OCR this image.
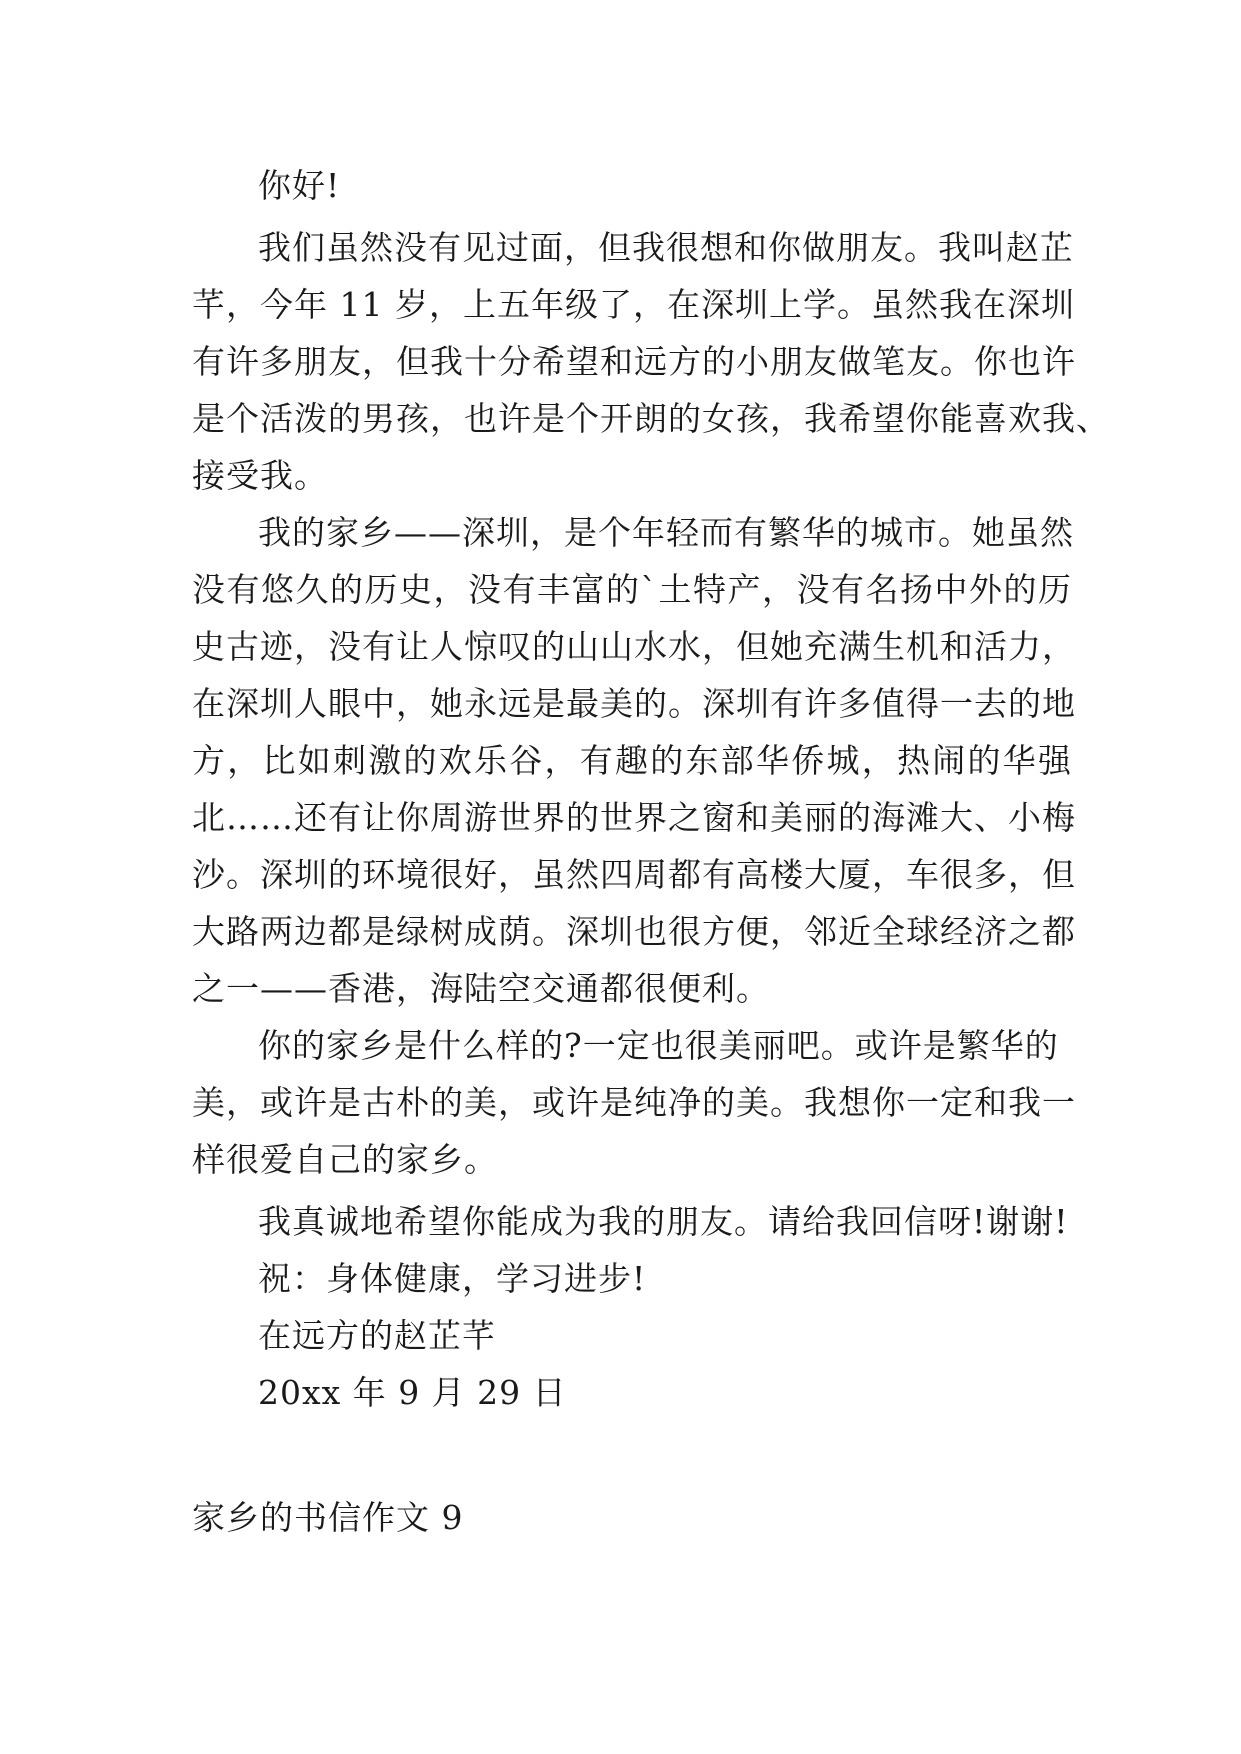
你好!
我们虽然没有见过面，但我很想和你做朋友。我叫赵芷
芊，今年 11 岁，上五年级了，在深圳上学。虽然我在深圳
有许多朋友，但我十分希望和远方的小朋友做笔友。你也许
是个活泼的男孩，也许是个开朗的女孩，我希望你能喜欢我、
接受我。
我的家乡——深圳，是个年轻而有繁华的城市。她虽然
没有悠久的历史，没有丰富的`土特产，没有名扬中外的历
史古迹，没有让人惊叹的山山水水，但她充满生机和活力，
在深圳人眼中，她永远是最美的。深圳有许多值得一去的地
方，比如刺激的欢乐谷，有趣的东部华侨城，热闹的华强
北……还有让你周游世界的世界之窗和美丽的海滩大、小梅
沙。深圳的环境很好，虽然四周都有高楼大厦，车很多，但
大路两边都是绿树成荫。深圳也很方便，邻近全球经济之都
之一——香港，海陆空交通都很便利。
你的家乡是什么样的?一定也很美丽吧。或许是繁华的
美，或许是古朴的美，或许是纯净的美。我想你一定和我一
样很爱自己的家乡。
我真诚地希望你能成为我的朋友。请给我回信呀!谢谢!
祝：身体健康，学习进步!
在远方的赵芷芊
20xx 年 9 月 29 日
家乡的书信作文 9
